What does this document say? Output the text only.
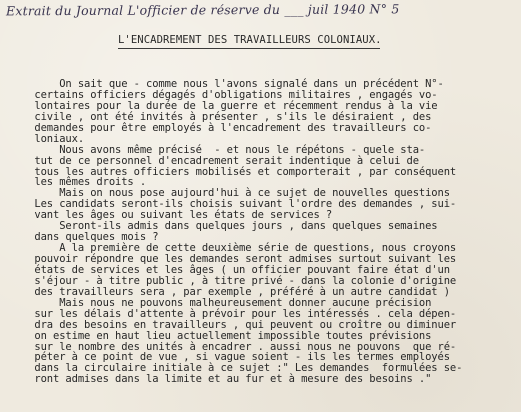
Extrait du Journal L'officier de réserve du ___ juil 1940 N° 5
L'ENCADREMENT DES TRAVAILLEURS COLONIAUX.
On sait que - comme nous l'avons signalé dans un précédent N°-
certains officiers dégagés d'obligations militaires , engagés vo-
lontaires pour la durée de la guerre et récemment rendus à la vie
civile , ont été invités à présenter , s'ils le désiraient , des
demandes pour être employés à l'encadrement des travailleurs co-
loniaux.
Nous avons même précisé  - et nous le répétons - quele sta-
tut de ce personnel d'encadrement serait indentique à celui de
tous les autres officiers mobilisés et comporterait , par conséquent
les mêmes droits .
Mais on nous pose aujourd'hui à ce sujet de nouvelles questions
Les candidats seront-ils choisis suivant l'ordre des demandes , sui-
vant les âges ou suivant les états de services ?
Seront-ils admis dans quelques jours , dans quelques semaines
dans quelques mois ?
A la première de cette deuxième série de questions, nous croyons
pouvoir répondre que les demandes seront admises surtout suivant les
états de services et les âges ( un officier pouvant faire état d'un
s'éjour - à titre public , à titre privé - dans la colonie d'origine
des travailleurs sera , par exemple , préféré à un autre candidat )
Mais nous ne pouvons malheureusement donner aucune précision
sur les délais d'attente à prévoir pour les intéressés . cela dépen-
dra des besoins en travailleurs , qui peuvent ou croître ou diminuer
on estime en haut lieu actuellement impossible toutes prévisions
sur le nombre des unités à encadrer . aussi nous ne pouvons  que ré-
péter à ce point de vue , si vague soient - ils les termes employés
dans la circulaire initiale à ce sujet :" Les demandes  formulées se-
ront admises dans la limite et au fur et à mesure des besoins ."
